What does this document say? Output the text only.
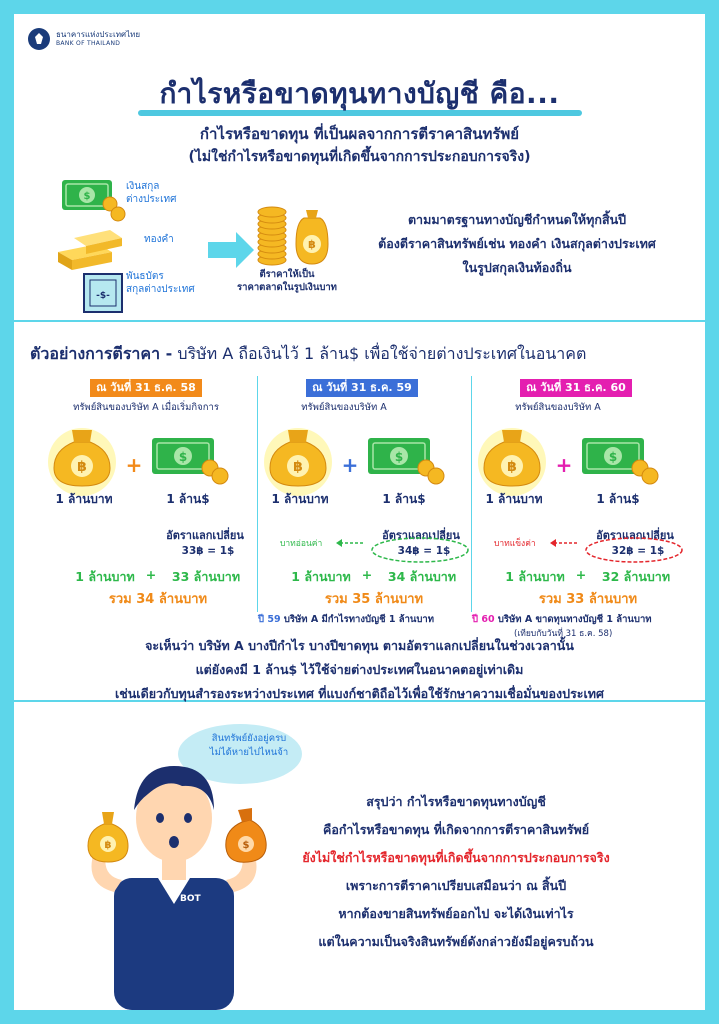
ธนาคารแห่งประเทศไทย
BANK OF THAILAND
กำไรหรือขาดทุนทางบัญชี คือ...
กำไรหรือขาดทุน ที่เป็นผลจากการตีราคาสินทรัพย์
(ไม่ใช่กำไรหรือขาดทุนที่เกิดขึ้นจากการประกอบการจริง)
$
-$-
เงินสกุล
ต่างประเทศ
ทองคำ
พันธบัตร
สกุลต่างประเทศ
฿
ตีราคาให้เป็น
ราคาตลาดในรูปเงินบาท
ตามมาตรฐานทางบัญชีกำหนดให้ทุกสิ้นปี
ต้องตีราคาสินทรัพย์เช่น ทองคำ เงินสกุลต่างประเทศ
ในรูปสกุลเงินท้องถิ่น
ตัวอย่างการตีราคา - บริษัท A ถือเงินไว้ 1 ล้าน$ เพื่อใช้จ่ายต่างประเทศในอนาคต
ณ วันที่ 31 ธ.ค. 58
ทรัพย์สินของบริษัท A เมื่อเริ่มกิจการ
฿ +	$
1 ล้านบาท	1 ล้าน$
อัตราแลกเปลี่ยน
33฿ = 1$
1 ล้านบาท +	33 ล้านบาท
รวม 34 ล้านบาท
ณ วันที่ 31 ธ.ค. 59
ทรัพย์สินของบริษัท A
฿ +	$
1 ล้านบาท	1 ล้าน$
อัตราแลกเปลี่ยน
34฿ = 1$
บาทอ่อนค่า
1 ล้านบาท +	34 ล้านบาท
รวม 35 ล้านบาท
ปี 59 บริษัท A มีกำไรทางบัญชี 1 ล้านบาท
ณ วันที่ 31 ธ.ค. 60
ทรัพย์สินของบริษัท A
฿ +	$
1 ล้านบาท	1 ล้าน$
อัตราแลกเปลี่ยน
32฿ = 1$
บาทแข็งค่า
1 ล้านบาท +	32 ล้านบาท
รวม 33 ล้านบาท
ปี 60 บริษัท A ขาดทุนทางบัญชี 1 ล้านบาท
(เทียบกับวันที่ 31 ธ.ค. 58)
จะเห็นว่า บริษัท A บางปีกำไร บางปีขาดทุน ตามอัตราแลกเปลี่ยนในช่วงเวลานั้น
แต่ยังคงมี 1 ล้าน$ ไว้ใช้จ่ายต่างประเทศในอนาคตอยู่เท่าเดิม
เช่นเดียวกับทุนสำรองระหว่างประเทศ ที่แบงก์ชาติถือไว้เพื่อใช้รักษาความเชื่อมั่นของประเทศ
฿	$
สินทรัพย์ยังอยู่ครบ
ไม่ได้หายไปไหนจ้า
BOT
สรุปว่า กำไรหรือขาดทุนทางบัญชี
คือกำไรหรือขาดทุน ที่เกิดจากการตีราคาสินทรัพย์
ยังไม่ใช่กำไรหรือขาดทุนที่เกิดขึ้นจากการประกอบการจริง
เพราะการตีราคาเปรียบเสมือนว่า ณ สิ้นปี
หากต้องขายสินทรัพย์ออกไป จะได้เงินเท่าไร
แต่ในความเป็นจริงสินทรัพย์ดังกล่าวยังมีอยู่ครบถ้วน
